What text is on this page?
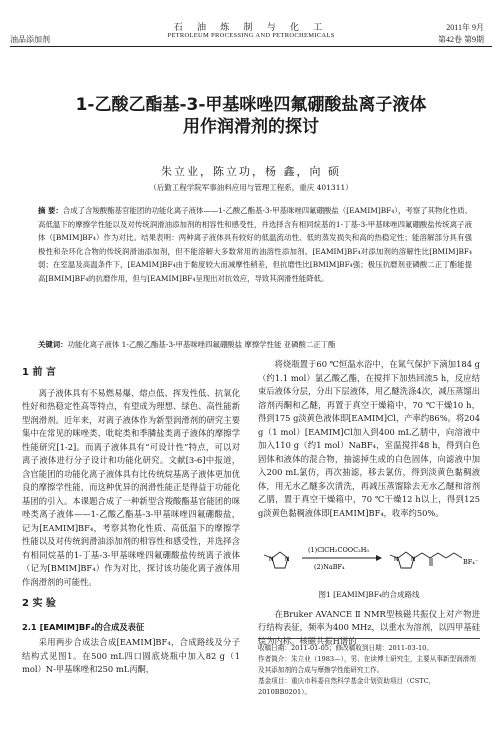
石 油 炼 制 与 化 工	2011年 9月
PETROLEUM PROCESSING AND PETROCHEMICALS
油品添加剂	第42卷 第9期
1-乙酸乙酯基-3-甲基咪唑四氟硼酸盐离子液体
用作润滑剂的探讨
朱立业，陈立功，杨 鑫，向 硕
（后勤工程学院军事油料应用与管理工程系，重庆 401311）
摘 要：合成了含羧酸酯基官能团的功能化离子液体——1-乙酸乙酯基-3-甲基咪唑四氟硼酸盐（[EAMIM]BF₄），考察了其物化性质、高低温下的摩擦学性能以及对传统润滑油添加剂的相容性和感受性，并选择含有相同烷基的1-丁基-3-甲基咪唑四氟硼酸盐传统离子液体（[BMIM]BF₄）作为对比。结果表明：两种离子液体具有较好的低温流动性、低的蒸发损失和高的热稳定性；能溶解部分具有强极性和杂环化合物的传统润滑油添加剂，但不能溶解大多数常用的油溶性添加剂。[EAMIM]BF₄对添加剂的溶解性比[BMIM]BF₄弱；在室温及高温条件下，[EAMIM]BF₄由于黏度较大而减摩性稍差，但抗磨性比[BMIM]BF₄强；极压抗磨剂亚磷酸二正丁酯能提高[BMIM]BF₄的抗磨作用，但与[EAMIM]BF₄呈现出对抗效应，导致其润滑性能降低。
关键词：功能化离子液体 1-乙酸乙酯基-3-甲基咪唑四氟硼酸盐 摩擦学性能 亚磷酸二正丁酯
1 前 言

离子液体具有不易燃易爆、熔点低、挥发性低、抗氧化性好和热稳定性高等特点，有望成为理想、绿色、高性能新型润滑剂。近年来，对离子液体作为新型润滑剂的研究主要集中在常见的咪唑类、吡啶类和季膦盐类离子液体的摩擦学性能研究[1-2]。而离子液体具有“可设计性”特点，可以对离子液体进行分子设计和功能化研究。文献[3-6]中报道，含官能团的功能化离子液体具有比传统烷基离子液体更加优良的摩擦学性能，而这种优异的润滑性能正是得益于功能化基团的引入。本课题合成了一种新型含羧酸酯基官能团的咪唑类离子液体——1-乙酸乙酯基-3-甲基咪唑四氟硼酸盐，记为[EAMIM]BF₄，考察其物化性质、高低温下的摩擦学性能以及对传统润滑油添加剂的相容性和感受性，并选择含有相同烷基的1-丁基-3-甲基咪唑四氟硼酸盐传统离子液体（记为[BMIM]BF₄）作为对比，探讨该功能化离子液体用作润滑剂的可能性。

2 实 验
2.1 [EAMIM]BF₄的合成及表征

采用两步合成法合成[EAMIM]BF₄，合成路线及分子结构式见图1。在500 mL四口圆底烧瓶中加入82 g（1 mol）N-甲基咪唑和250 mL丙酮，

将烧瓶置于60 ℃恒温水浴中，在氮气保护下滴加184 g（约1.1 mol）氯乙酸乙酯，在搅拌下加热回流5 h，反应结束后液体分层，分出下层液体，用乙醚洗涤4次，减压蒸馏出溶剂丙酮和乙醚，再置于真空干燥箱中，70 ℃干燥10 h，得到175 g淡黄色液体即[EAMIM]Cl，产率约86%。将204 g（1 mol）[EAMIM]Cl加入到400 mL乙腈中，向溶液中加入110 g（约1 mol）NaBF₄，室温搅拌48 h，得到白色固体和液体的混合物，抽滤掉生成的白色固体，向滤液中加入200 mL氯仿，再次抽滤，移去氯仿，得到淡黄色黏稠液体，用无水乙醚多次清洗，再减压蒸馏除去无水乙醚和溶剂乙腈，置于真空干燥箱中，70 ℃干燥12 h以上，得到125 g淡黄色黏稠液体即[EAMIM]BF₄，收率约50%。

N N
(1)ClCH₂COOC₂H₅
(2)NaBF₄
N N	BF₄⁻
图1 [EAMIM]BF₄的合成路线

在Bruker AVANCE Ⅱ NMR型核磁共振仪上对产物进行结构表征，频率为400 MHz，以重水为溶剂，以四甲基硅烷为内标。核磁共振H谱的

收稿日期：2011-01-05；修改稿收到日期：2011-03-10。
作者简介：朱立业（1983—），男，在读博士研究生，主要从事新型润滑剂及其添加剂的合成与摩擦学性能研究工作。
基金项目：重庆市科委自然科学基金计划资助项目（CSTC，2010BB0201）。
